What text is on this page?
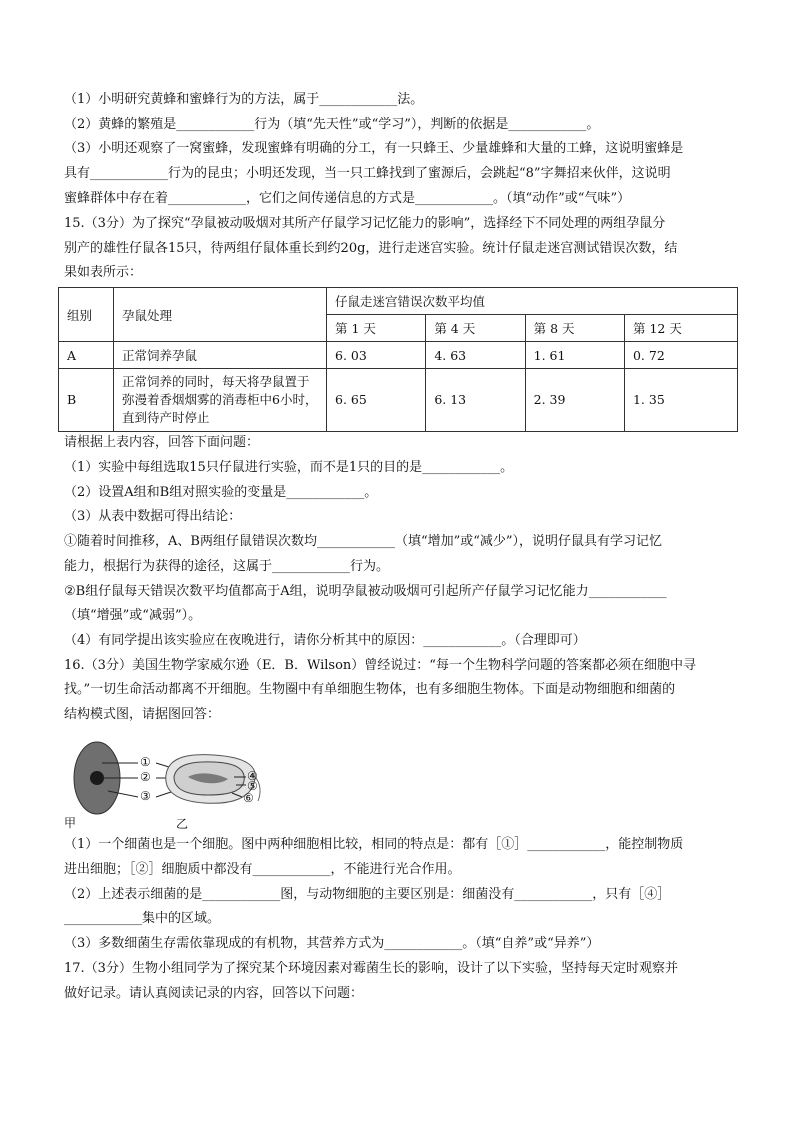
（1）小明研究黄蜂和蜜蜂行为的方法，属于____________法。
（2）黄蜂的繁殖是____________行为（填“先天性”或“学习”），判断的依据是____________。
（3）小明还观察了一窝蜜蜂，发现蜜蜂有明确的分工，有一只蜂王、少量雄蜂和大量的工蜂，这说明蜜蜂是
具有____________行为的昆虫；小明还发现，当一只工蜂找到了蜜源后，会跳起“8”字舞招来伙伴，这说明
蜜蜂群体中存在着____________，它们之间传递信息的方式是____________。（填“动作”或“气味”）
15.（3分）为了探究“孕鼠被动吸烟对其所产仔鼠学习记忆能力的影响”，选择经下不同处理的两组孕鼠分
别产的雄性仔鼠各15只，待两组仔鼠体重长到约20g，进行走迷宫实验。统计仔鼠走迷宫测试错误次数，结
果如表所示：
组别	孕鼠处理	仔鼠走迷宫错误次数平均值			
		第 1 天	第 4 天	第 8 天	第 12 天
A	正常饲养孕鼠	6. 03	4. 63	1. 61	0. 72
B	正常饲养的同时，每天将孕鼠置于弥漫着香烟烟雾的消毒柜中6小时，直到待产时停止	6. 65	6. 13	2. 39	1. 35
请根据上表内容，回答下面问题：
（1）实验中每组选取15只仔鼠进行实验，而不是1只的目的是____________。
（2）设置A组和B组对照实验的变量是____________。
（3）从表中数据可得出结论：
①随着时间推移，A、B两组仔鼠错误次数均____________（填“增加”或“减少”），说明仔鼠具有学习记忆
能力，根据行为获得的途径，这属于____________行为。
②B组仔鼠每天错误次数平均值都高于A组，说明孕鼠被动吸烟可引起所产仔鼠学习记忆能力____________
（填“增强”或“减弱”）。
（4）有同学提出该实验应在夜晚进行，请你分析其中的原因：____________。（合理即可）
16.（3分）美国生物学家威尔逊（E．B．Wilson）曾经说过：“每一个生物科学问题的答案都必须在细胞中寻
找。”一切生命活动都离不开细胞。生物圈中有单细胞生物体，也有多细胞生物体。下面是动物细胞和细菌的
结构模式图，请据图回答：
①
②
③
④
⑤
⑥
甲	乙
（1）一个细菌也是一个细胞。图中两种细胞相比较，相同的特点是：都有［①］____________，能控制物质
进出细胞；［②］细胞质中都没有____________，不能进行光合作用。
（2）上述表示细菌的是____________图，与动物细胞的主要区别是：细菌没有____________，只有［④］
____________集中的区域。
（3）多数细菌生存需依靠现成的有机物，其营养方式为____________。（填“自养”或“异养”）
17.（3分）生物小组同学为了探究某个环境因素对霉菌生长的影响，设计了以下实验，坚持每天定时观察并
做好记录。请认真阅读记录的内容，回答以下问题：
